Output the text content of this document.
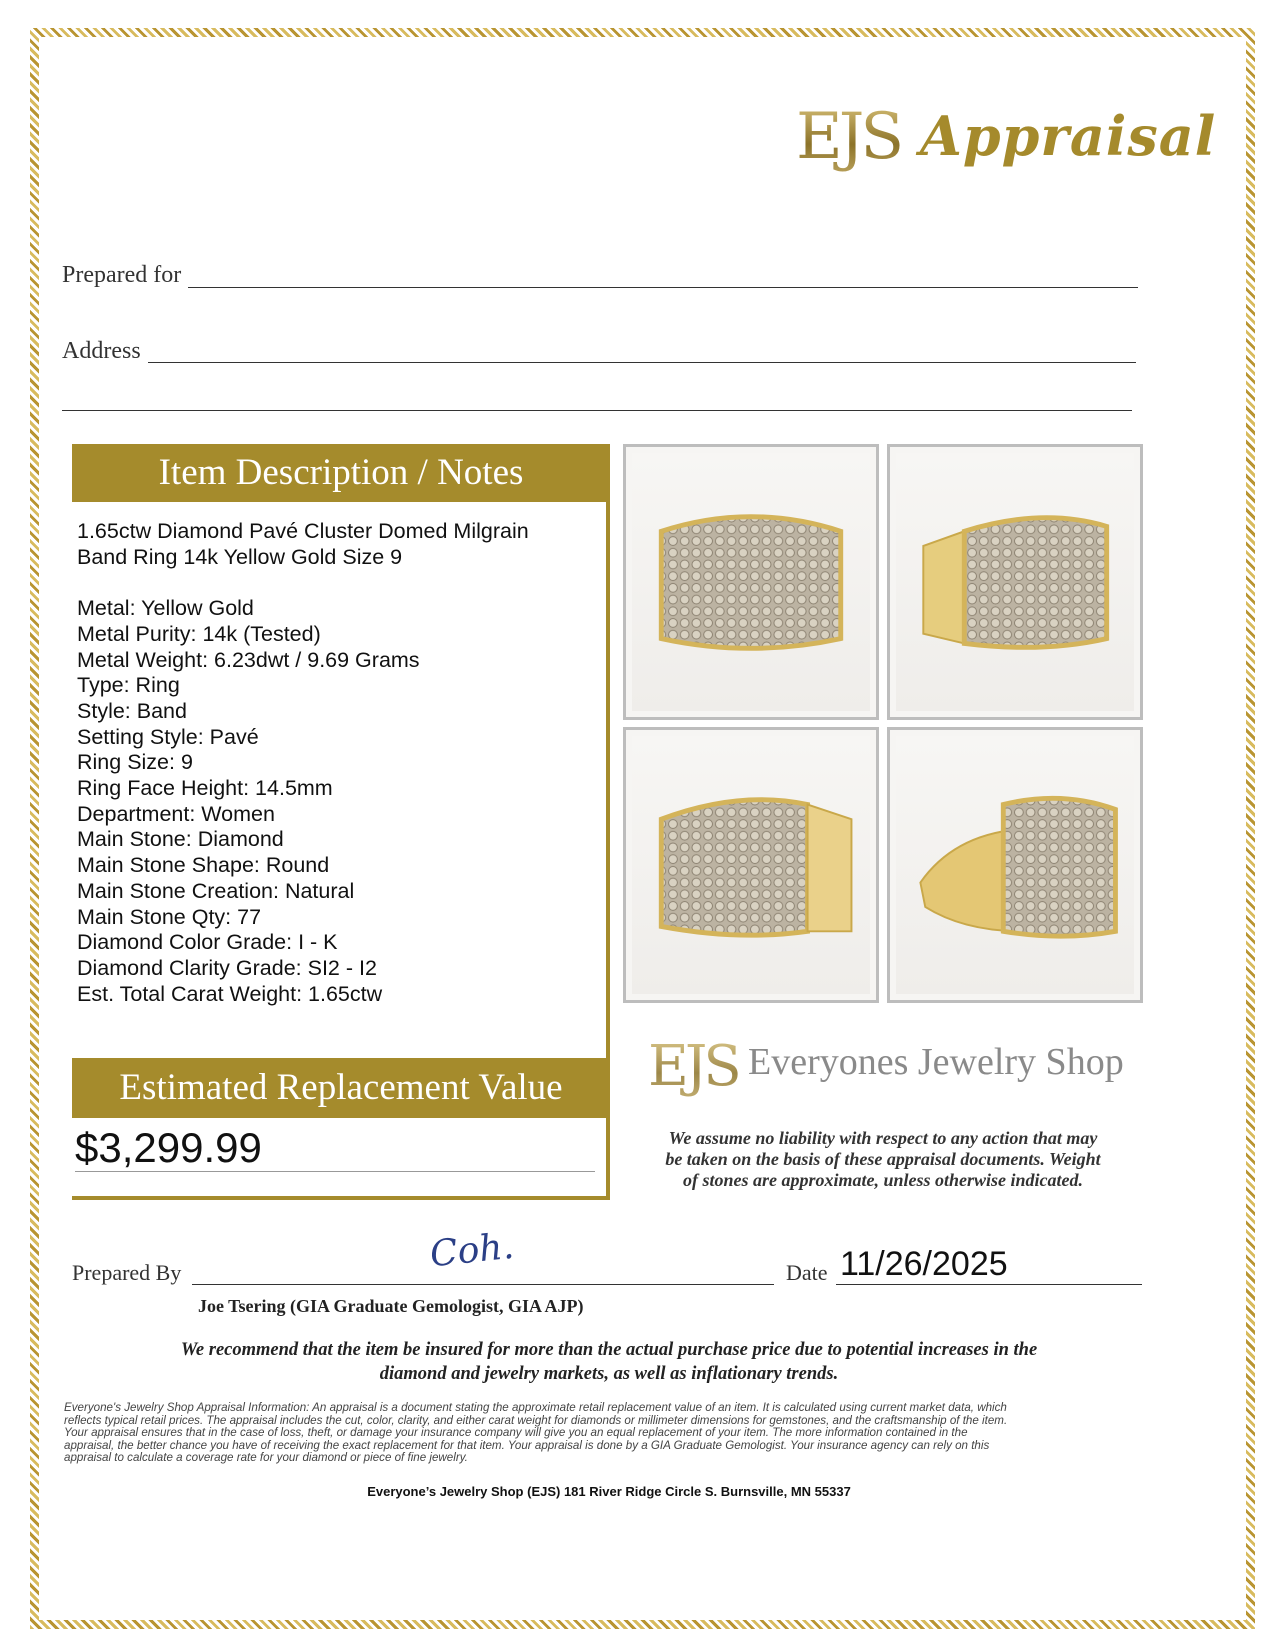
EJS Appraisal
Prepared for
Address
Item Description / Notes
1.65ctw Diamond Pavé Cluster Domed Milgrain
Band Ring 14k Yellow Gold Size 9
Metal: Yellow Gold
Metal Purity: 14k (Tested)
Metal Weight: 6.23dwt / 9.69 Grams
Type: Ring
Style: Band
Setting Style: Pavé
Ring Size: 9
Ring Face Height: 14.5mm
Department: Women
Main Stone: Diamond
Main Stone Shape: Round
Main Stone Creation: Natural
Main Stone Qty: 77
Diamond Color Grade: I - K
Diamond Clarity Grade: SI2 - I2
Est. Total Carat Weight: 1.65ctw
Estimated Replacement Value
$3,299.99
EJS Everyones Jewelry Shop
We assume no liability with respect to any action that may
be taken on the basis of these appraisal documents. Weight
of stones are approximate, unless otherwise indicated.
Prepared By	Coh.	Date 11/26/2025
Joe Tsering (GIA Graduate Gemologist, GIA AJP)
We recommend that the item be insured for more than the actual purchase price due to potential increases in the
diamond and jewelry markets, as well as inflationary trends.
Everyone's Jewelry Shop Appraisal Information: An appraisal is a document stating the approximate retail replacement value of an item. It is calculated using current market data, which
reflects typical retail prices. The appraisal includes the cut, color, clarity, and either carat weight for diamonds or millimeter dimensions for gemstones, and the craftsmanship of the item.
Your appraisal ensures that in the case of loss, theft, or damage your insurance company will give you an equal replacement of your item. The more information contained in the
appraisal, the better chance you have of receiving the exact replacement for that item. Your appraisal is done by a GIA Graduate Gemologist. Your insurance agency can rely on this
appraisal to calculate a coverage rate for your diamond or piece of fine jewelry.
Everyone’s Jewelry Shop (EJS) 181 River Ridge Circle S. Burnsville, MN 55337
